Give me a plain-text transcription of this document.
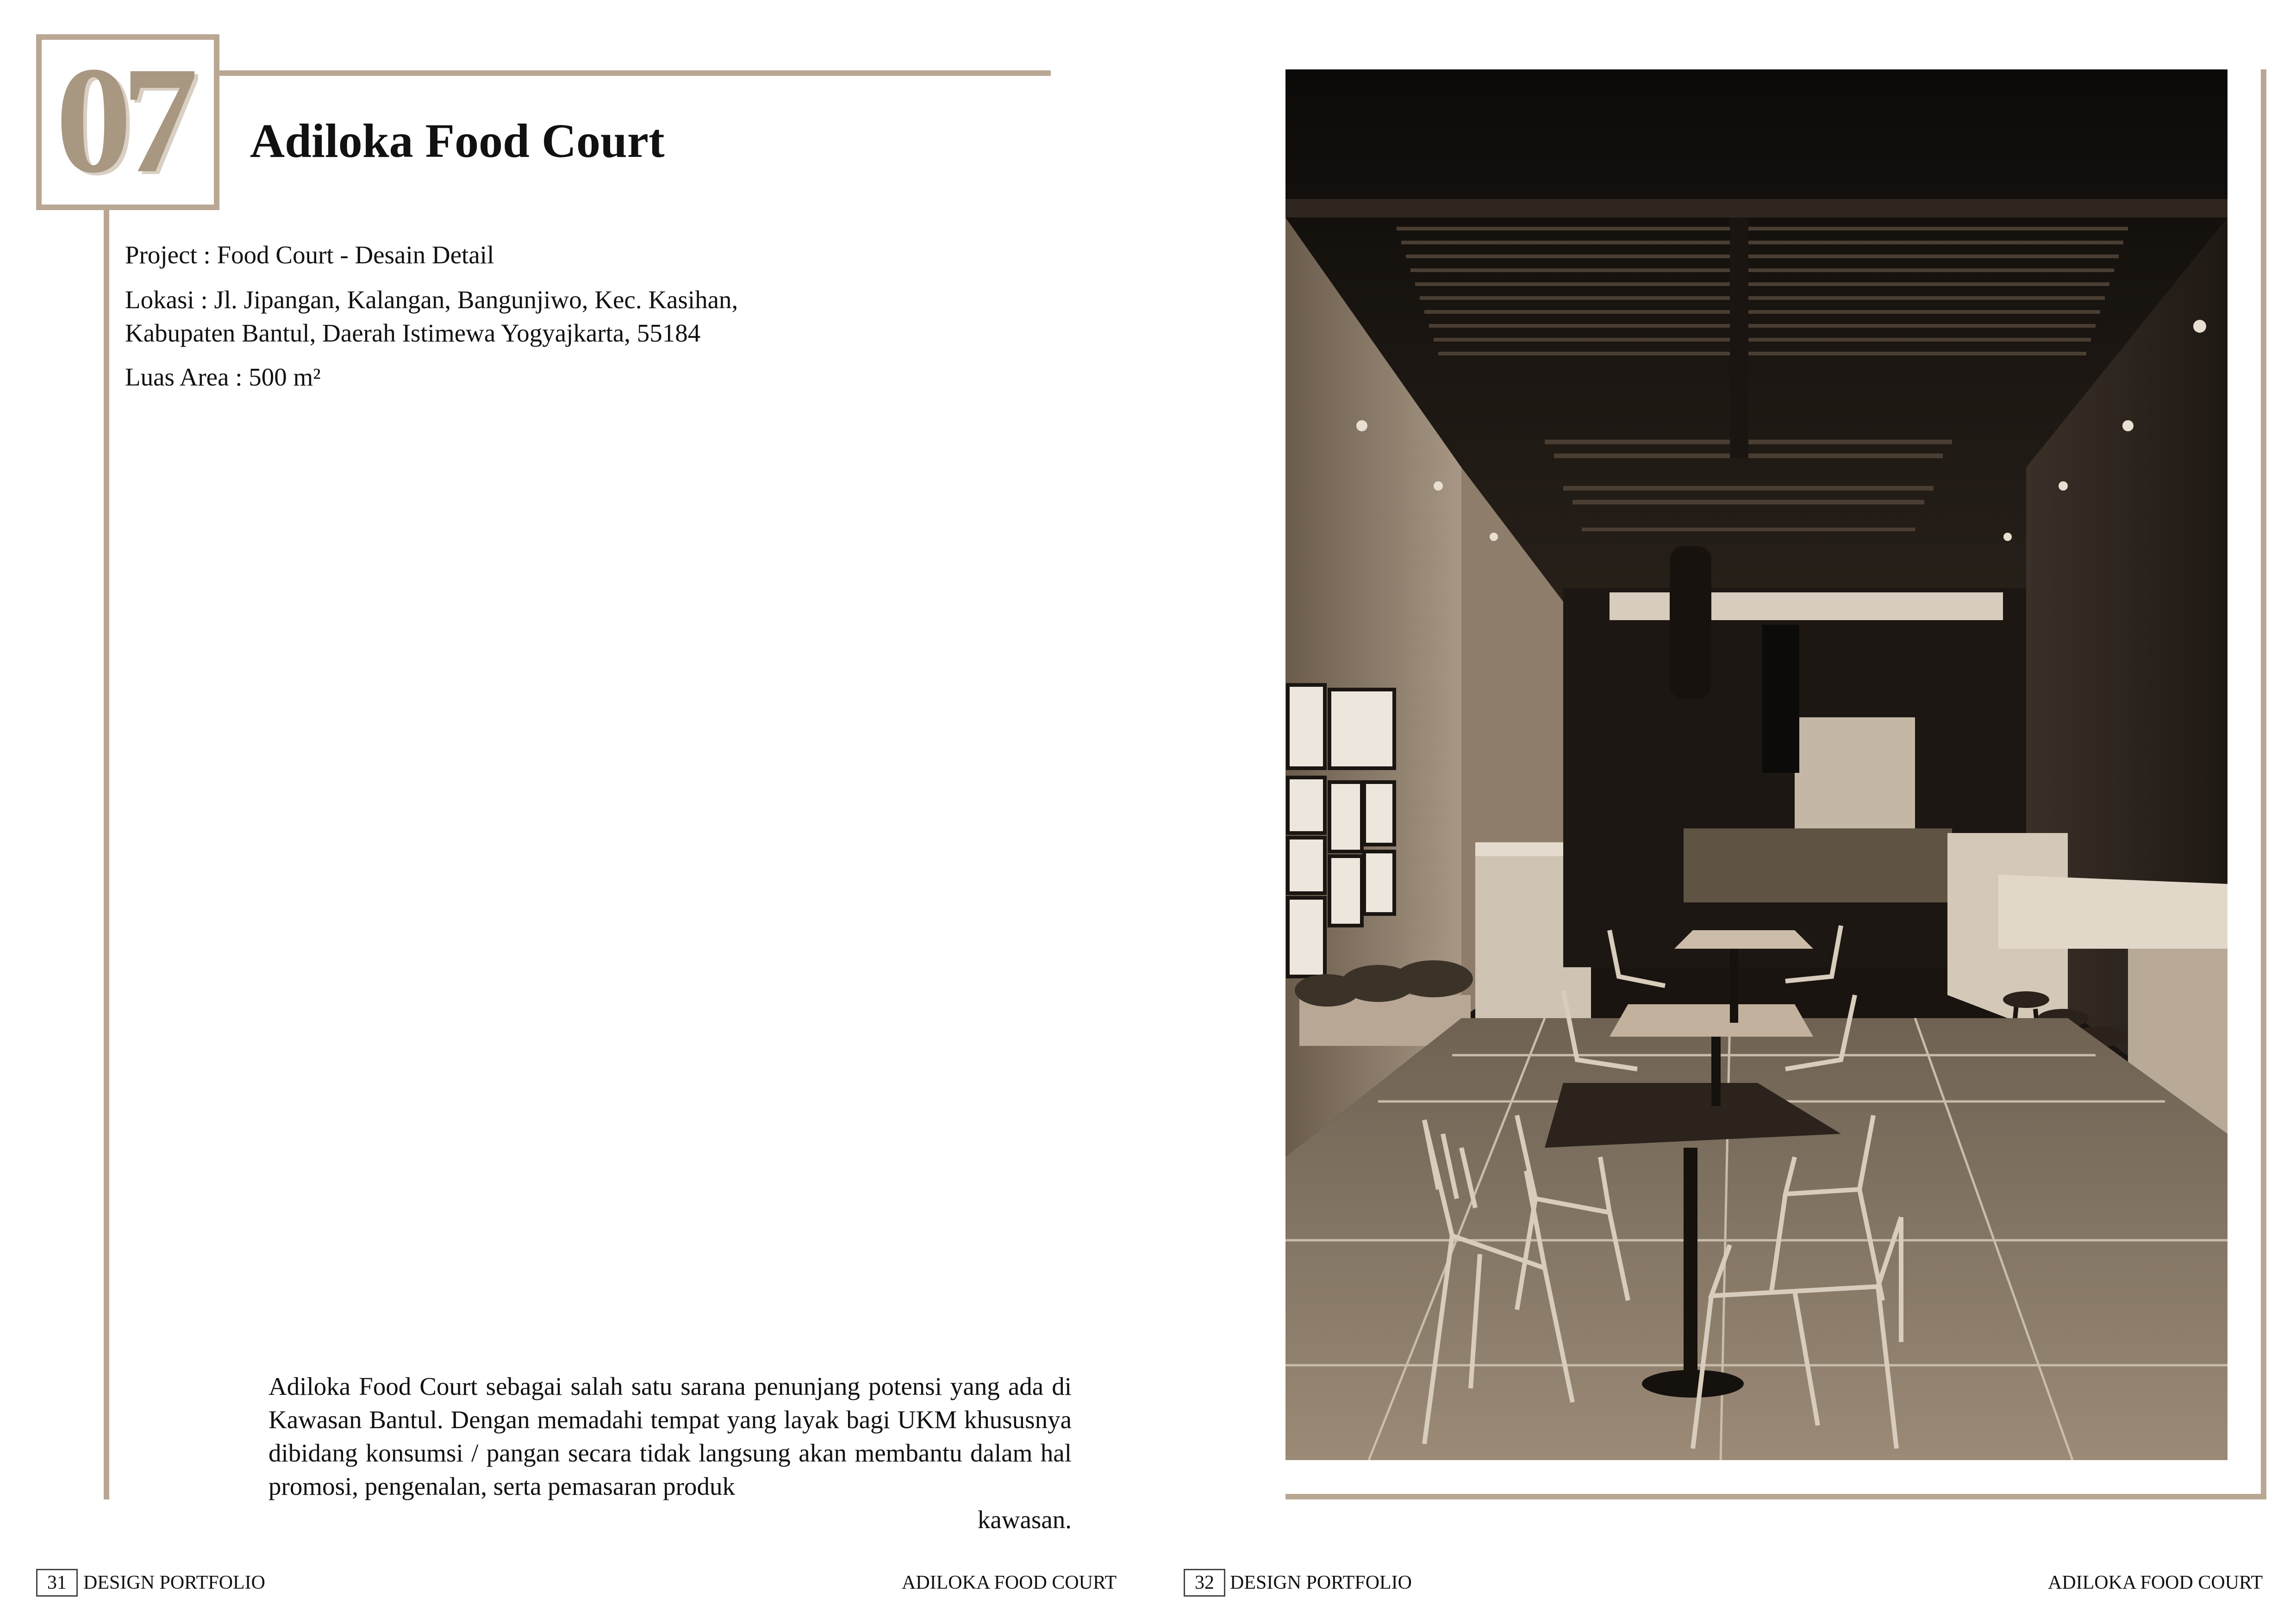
07	Adiloka Food Court
Project : Food Court - Desain Detail
Lokasi : Jl. Jipangan, Kalangan, Bangunjiwo, Kec. Kasihan,
Kabupaten Bantul, Daerah Istimewa Yogyajkarta, 55184
Luas Area : 500 m²
Adiloka Food Court sebagai salah satu sarana penunjang potensi yang ada di Kawasan Bantul. Dengan memadahi tempat yang layak bagi UKM khususnya dibidang konsumsi / pangan secara tidak langsung akan membantu dalam hal promosi, pengenalan, serta pemasaran produk
kawasan.
31 DESIGN PORTFOLIO	ADILOKA FOOD COURT	32 DESIGN PORTFOLIO	ADILOKA FOOD COURT
